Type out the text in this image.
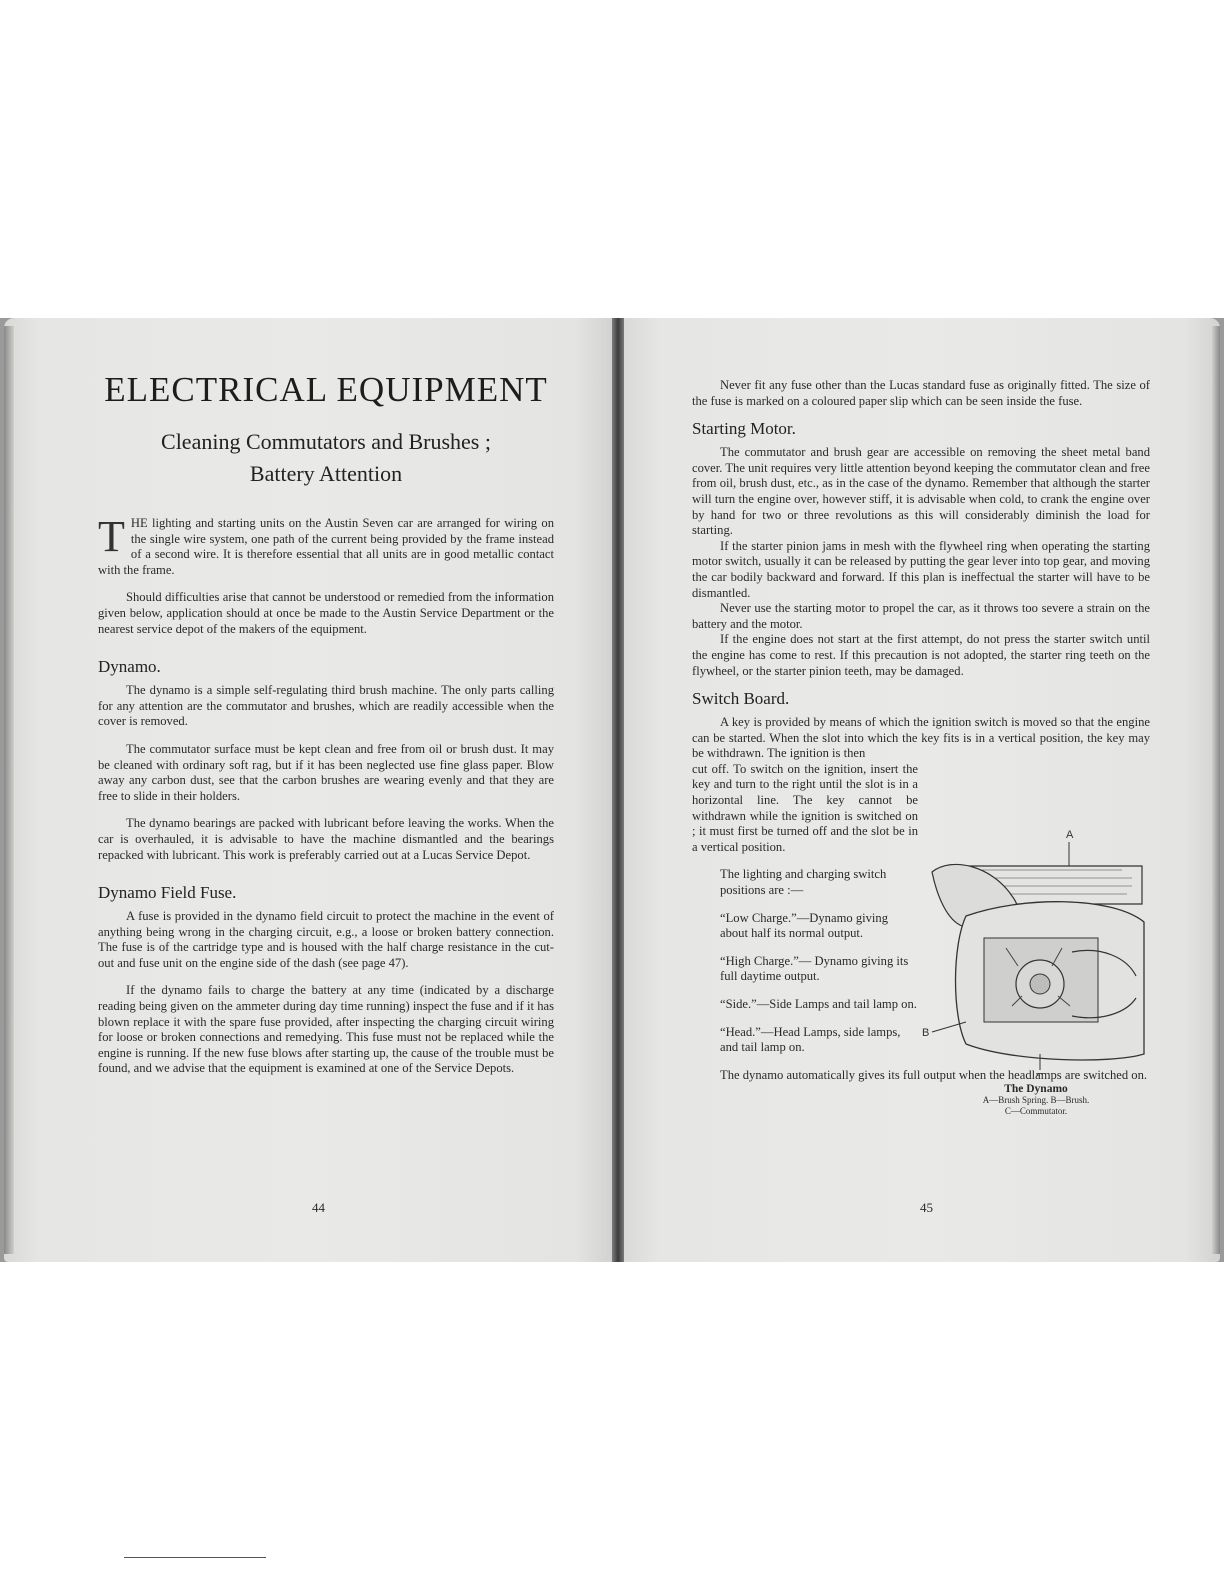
ELECTRICAL EQUIPMENT
Cleaning Commutators and Brushes ;
Battery Attention
T HE lighting and starting units on the Austin Seven car are arranged for wiring on the single wire system, one path of the current being provided by the frame instead of a second wire. It is therefore essential that all units are in good metallic contact with the frame.

Should difficulties arise that cannot be understood or remedied from the information given below, application should at once be made to the Austin Service Department or the nearest service depot of the makers of the equipment.

Dynamo.

The dynamo is a simple self-regulating third brush machine. The only parts calling for any attention are the commutator and brushes, which are readily accessible when the cover is removed.

The commutator surface must be kept clean and free from oil or brush dust. It may be cleaned with ordinary soft rag, but if it has been neglected use fine glass paper. Blow away any carbon dust, see that the carbon brushes are wearing evenly and that they are free to slide in their holders.

The dynamo bearings are packed with lubricant before leaving the works. When the car is overhauled, it is advisable to have the machine dismantled and the bearings repacked with lubricant. This work is preferably carried out at a Lucas Service Depot.

Dynamo Field Fuse.

A fuse is provided in the dynamo field circuit to protect the machine in the event of anything being wrong in the charging circuit, e.g., a loose or broken battery connection. The fuse is of the cartridge type and is housed with the half charge resistance in the cut-out and fuse unit on the engine side of the dash (see page 47).

If the dynamo fails to charge the battery at any time (indicated by a discharge reading being given on the ammeter during day time running) inspect the fuse and if it has blown replace it with the spare fuse provided, after inspecting the charging circuit wiring for loose or broken connections and remedying. This fuse must not be replaced while the engine is running. If the new fuse blows after starting up, the cause of the trouble must be found, and we advise that the equipment is examined at one of the Service Depots.

44

Never fit any fuse other than the Lucas standard fuse as originally fitted. The size of the fuse is marked on a coloured paper slip which can be seen inside the fuse.

Starting Motor.

The commutator and brush gear are accessible on removing the sheet metal band cover. The unit requires very little attention beyond keeping the commutator clean and free from oil, brush dust, etc., as in the case of the dynamo. Remember that although the starter will turn the engine over, however stiff, it is advisable when cold, to crank the engine over by hand for two or three revolutions as this will considerably diminish the load for starting.

If the starter pinion jams in mesh with the flywheel ring when operating the starting motor switch, usually it can be released by putting the gear lever into top gear, and moving the car bodily backward and forward. If this plan is ineffectual the starter will have to be dismantled.

Never use the starting motor to propel the car, as it throws too severe a strain on the battery and the motor.

If the engine does not start at the first attempt, do not press the starter switch until the engine has come to rest. If this precaution is not adopted, the starter ring teeth on the flywheel, or the starter pinion teeth, may be damaged.

Switch Board.

A key is provided by means of which the ignition switch is moved so that the engine can be started. When the slot into which the key fits is in a vertical position, the key may be withdrawn. The ignition is then

cut off. To switch on the ignition, insert the key and turn to the right until the slot is in a horizontal line. The key cannot be withdrawn while the ignition is switched on ; it must first be turned off and the slot be in a vertical position.

The lighting and charging switch positions are :—

“Low Charge.”—Dynamo giving about half its normal output.

“High Charge.”— Dynamo giving its full daytime output.

“Side.”—Side Lamps and tail lamp on.

“Head.”—Head Lamps, side lamps, and tail lamp on.

The dynamo automatically gives its full output when the headlamps are switched on.

A
B
The Dynamo
A—Brush Spring. B—Brush.
C—Commutator.
45
